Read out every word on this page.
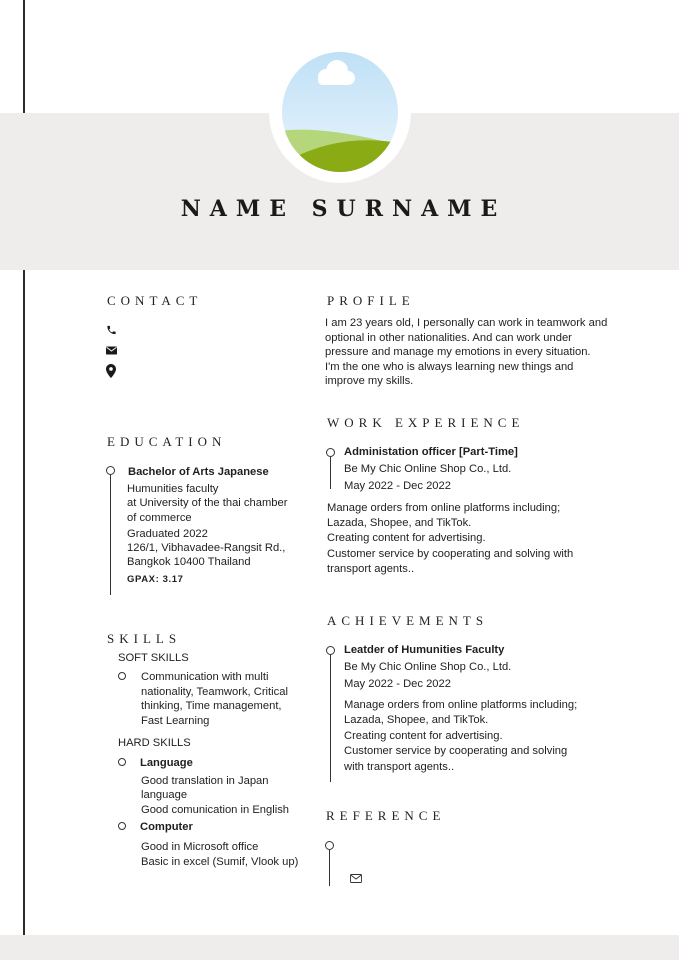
NAME SURNAME
CONTACT	PROFILE
I am 23 years old, I personally can work in teamwork and
optional in other nationalities. And can work under
pressure and manage my emotions in every situation.
I'm the one who is always learning new things and
improve my skills.
WORK EXPERIENCE
Administation officer [Part-Time]
Be My Chic Online Shop Co., Ltd.
May 2022 - Dec 2022
Manage orders from online platforms including;
Lazada, Shopee, and TikTok.
Creating content for advertising.
Customer service by cooperating and solving with
transport agents..
EDUCATION
Bachelor of Arts Japanese
Humunities faculty
at University of the thai chamber
of commerce
Graduated 2022
126/1, Vibhavadee-Rangsit Rd.,
Bangkok 10400 Thailand
GPAX: 3.17
SKILLS
SOFT SKILLS
Communication with multi
nationality, Teamwork, Critical
thinking, Time management,
Fast Learning
HARD SKILLS
Language
Good translation in Japan
language
Good comunication in English
Computer
Good in Microsoft office
Basic in excel (Sumif, Vlook up)
ACHIEVEMENTS
Leatder of Humunities Faculty
Be My Chic Online Shop Co., Ltd.
May 2022 - Dec 2022
Manage orders from online platforms including;
Lazada, Shopee, and TikTok.
Creating content for advertising.
Customer service by cooperating and solving
with transport agents..
REFERENCE
